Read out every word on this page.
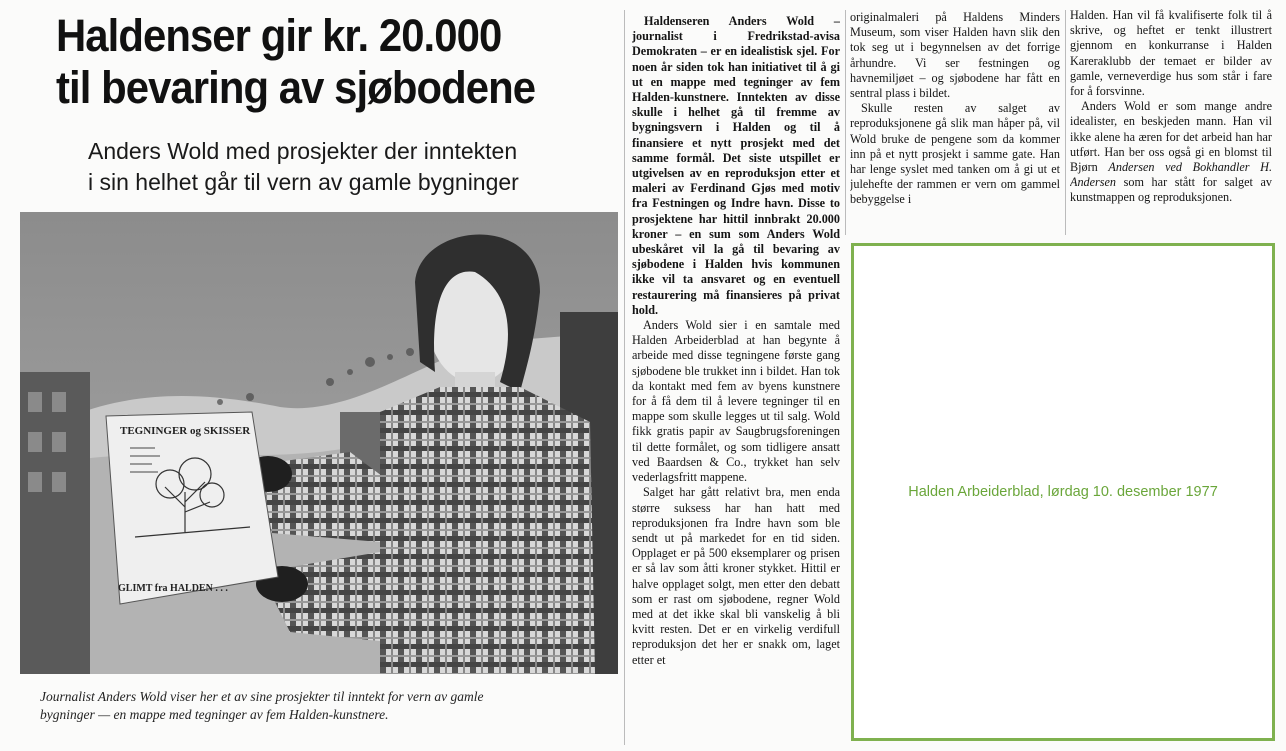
Haldenser gir kr. 20.000
til bevaring av sjøbodene

Anders Wold med prosjekter der inntekten
i sin helhet går til vern av gamle bygninger

TEGNINGER og SKISSER
GLIMT fra HALDEN . . .

Journalist Anders Wold viser her et av sine prosjekter til inntekt for vern av gamle
bygninger — en mappe med tegninger av fem Halden-kunstnere.

Haldenseren Anders Wold – journalist i Fredrikstad-avisa Demokraten – er en idealistisk sjel. For noen år siden tok han initiativet til å gi ut en mappe med tegninger av fem Halden-kunstnere. Inntekten av disse skulle i helhet gå til fremme av bygningsvern i Halden og til å finansiere et nytt prosjekt med det samme formål. Det siste utspillet er utgivelsen av en reproduksjon etter et maleri av Ferdinand Gjøs med motiv fra Festningen og Indre havn. Disse to prosjektene har hittil innbrakt 20.000 kroner – en sum som Anders Wold ubeskåret vil la gå til bevaring av sjøbodene i Halden hvis kommunen ikke vil ta ansvaret og en eventuell restaurering må finansieres på privat hold.

Anders Wold sier i en samtale med Halden Arbeiderblad at han begynte å arbeide med disse tegningene første gang sjøbodene ble trukket inn i bildet. Han tok da kontakt med fem av byens kunstnere for å få dem til å levere tegninger til en mappe som skulle legges ut til salg. Wold fikk gratis papir av Saugbrugsforeningen til dette formålet, og som tidligere ansatt ved Baardsen & Co., trykket han selv vederlagsfritt mappene.

Salget har gått relativt bra, men enda større suksess har han hatt med reproduksjonen fra Indre havn som ble sendt ut på markedet for en tid siden. Opplaget er på 500 eksemplarer og prisen er så lav som åtti kroner stykket. Hittil er halve opplaget solgt, men etter den debatt som er rast om sjøbodene, regner Wold med at det ikke skal bli vanskelig å bli kvitt resten. Det er en virkelig verdifull reproduksjon det her er snakk om, laget etter et

originalmaleri på Haldens Minders Museum, som viser Halden havn slik den tok seg ut i begynnelsen av det forrige århundre. Vi ser festningen og havnemiljøet – og sjøbodene har fått en sentral plass i bildet.

Skulle resten av salget av reproduksjonene gå slik man håper på, vil Wold bruke de pengene som da kommer inn på et nytt prosjekt i samme gate. Han har lenge syslet med tanken om å gi ut et julehefte der rammen er vern om gammel bebyggelse i

Halden. Han vil få kvalifiserte folk til å skrive, og heftet er tenkt illustrert gjennom en konkurranse i Halden Kareraklubb der temaet er bilder av gamle, verneverdige hus som står i fare for å forsvinne.

Anders Wold er som mange andre idealister, en beskjeden mann. Han vil ikke alene ha æren for det arbeid han har utført. Han ber oss også gi en blomst til Bjørn Andersen ved Bokhandler H. Andersen som har stått for salget av kunstmappen og reproduksjonen.

Halden Arbeiderblad, lørdag 10. desember 1977
